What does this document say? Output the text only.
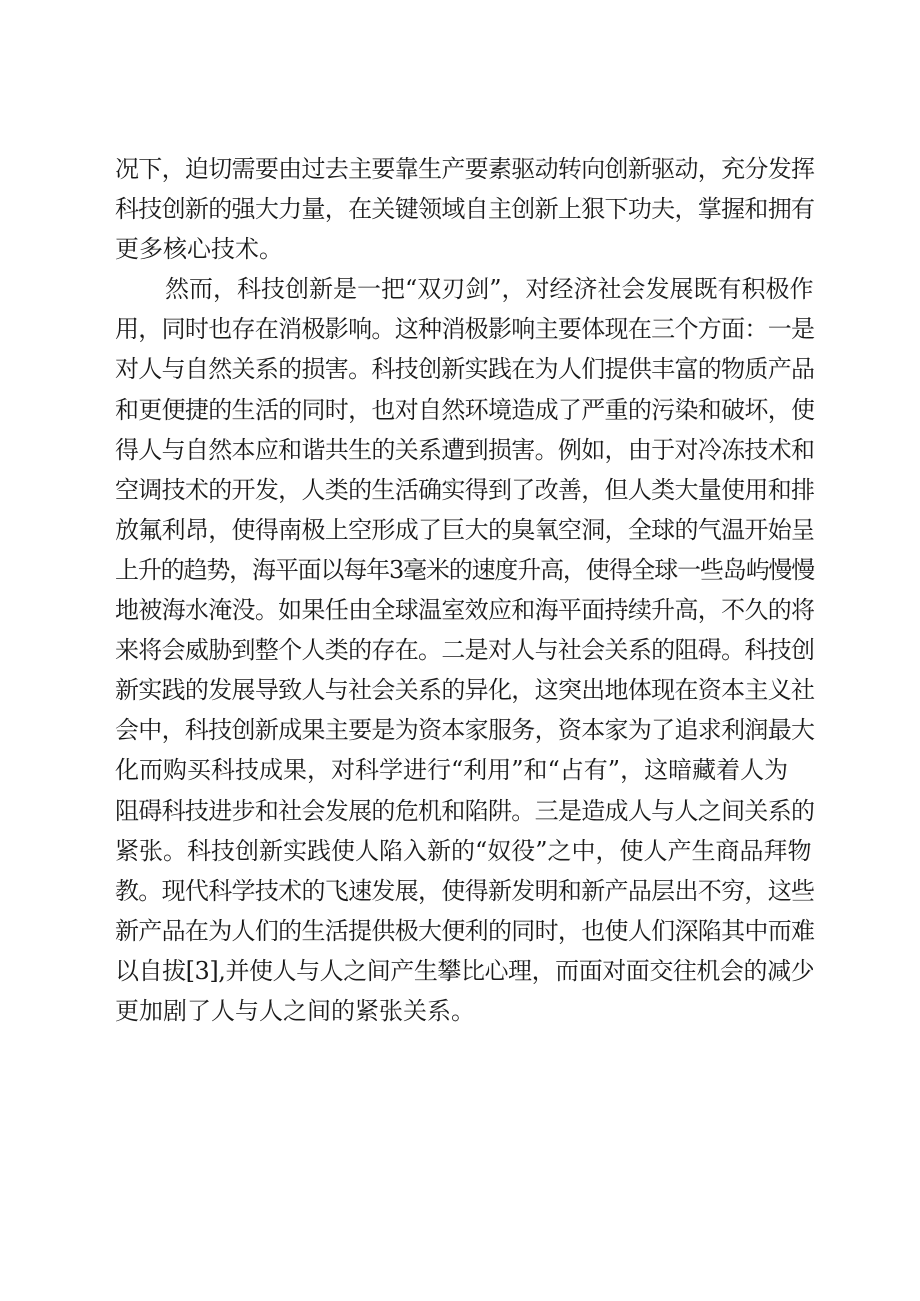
况下，迫切需要由过去主要靠生产要素驱动转向创新驱动，充分发挥
科技创新的强大力量，在关键领域自主创新上狠下功夫，掌握和拥有
更多核心技术。

然而，科技创新是一把“双刃剑”，对经济社会发展既有积极作
用，同时也存在消极影响。这种消极影响主要体现在三个方面：一是
对人与自然关系的损害。科技创新实践在为人们提供丰富的物质产品
和更便捷的生活的同时，也对自然环境造成了严重的污染和破坏，使
得人与自然本应和谐共生的关系遭到损害。例如，由于对冷冻技术和
空调技术的开发，人类的生活确实得到了改善，但人类大量使用和排
放氟利昂，使得南极上空形成了巨大的臭氧空洞，全球的气温开始呈
上升的趋势，海平面以每年3毫米的速度升高，使得全球一些岛屿慢慢
地被海水淹没。如果任由全球温室效应和海平面持续升高，不久的将
来将会威胁到整个人类的存在。二是对人与社会关系的阻碍。科技创
新实践的发展导致人与社会关系的异化，这突出地体现在资本主义社
会中，科技创新成果主要是为资本家服务，资本家为了追求利润最大
化而购买科技成果，对科学进行“利用”和“占有”，这暗藏着人为
阻碍科技进步和社会发展的危机和陷阱。三是造成人与人之间关系的
紧张。科技创新实践使人陷入新的“奴役”之中，使人产生商品拜物
教。现代科学技术的飞速发展，使得新发明和新产品层出不穷，这些
新产品在为人们的生活提供极大便利的同时，也使人们深陷其中而难
以自拔[3],并使人与人之间产生攀比心理，而面对面交往机会的减少
更加剧了人与人之间的紧张关系。
